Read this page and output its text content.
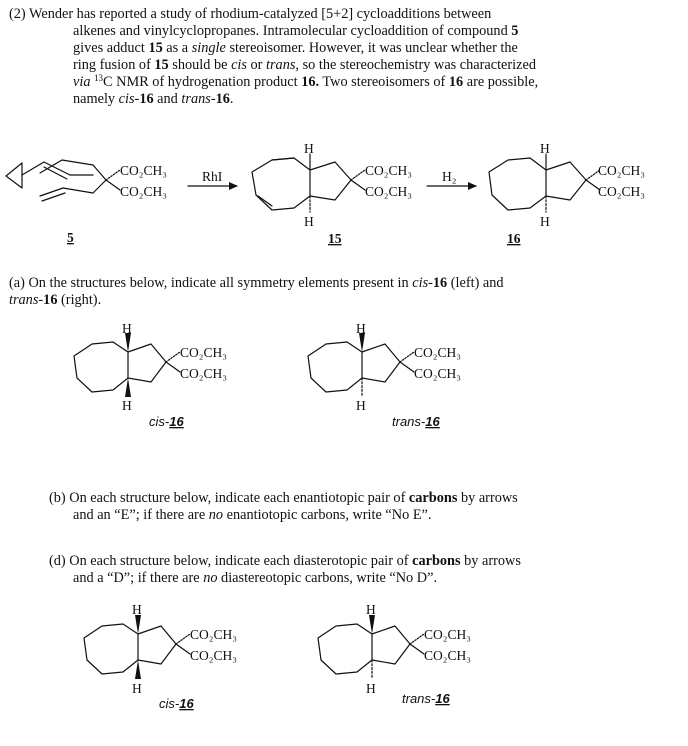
(2) Wender has reported a study of rhodium-catalyzed [5+2] cycloadditions between
alkenes and vinylcyclopropanes. Intramolecular cycloaddition of compound 5
gives adduct 15 as a single stereoisomer. However, it was unclear whether the
ring fusion of 15 should be cis or trans, so the stereochemistry was characterized
via $^{13}$C NMR of hydrogenation product 16. Two stereoisomers of 16 are possible,
namely cis-16 and trans-16.
(a) On the structures below, indicate all symmetry elements present in cis-16 (left) and
trans-16 (right).
(b) On each structure below, indicate each enantiotopic pair of carbons by arrows
and an “E”; if there are no enantiotopic carbons, write “No E”.
(d) On each structure below, indicate each diasterotopic pair of carbons by arrows
and a “D”; if there are no diastereotopic carbons, write “No D”.
CO₂CH₃
CO₂CH₃
5
RhI
H
H
CO₂CH₃
CO₂CH₃
15
H₂
H
H
CO₂CH₃
CO₂CH₃
16
H
H
CO₂CH₃
CO₂CH₃
cis-16
H
H
CO₂CH₃
CO₂CH₃
trans-16
H
H
CO₂CH₃
CO₂CH₃
cis-16
H
H
CO₂CH₃
CO₂CH₃
trans-16
